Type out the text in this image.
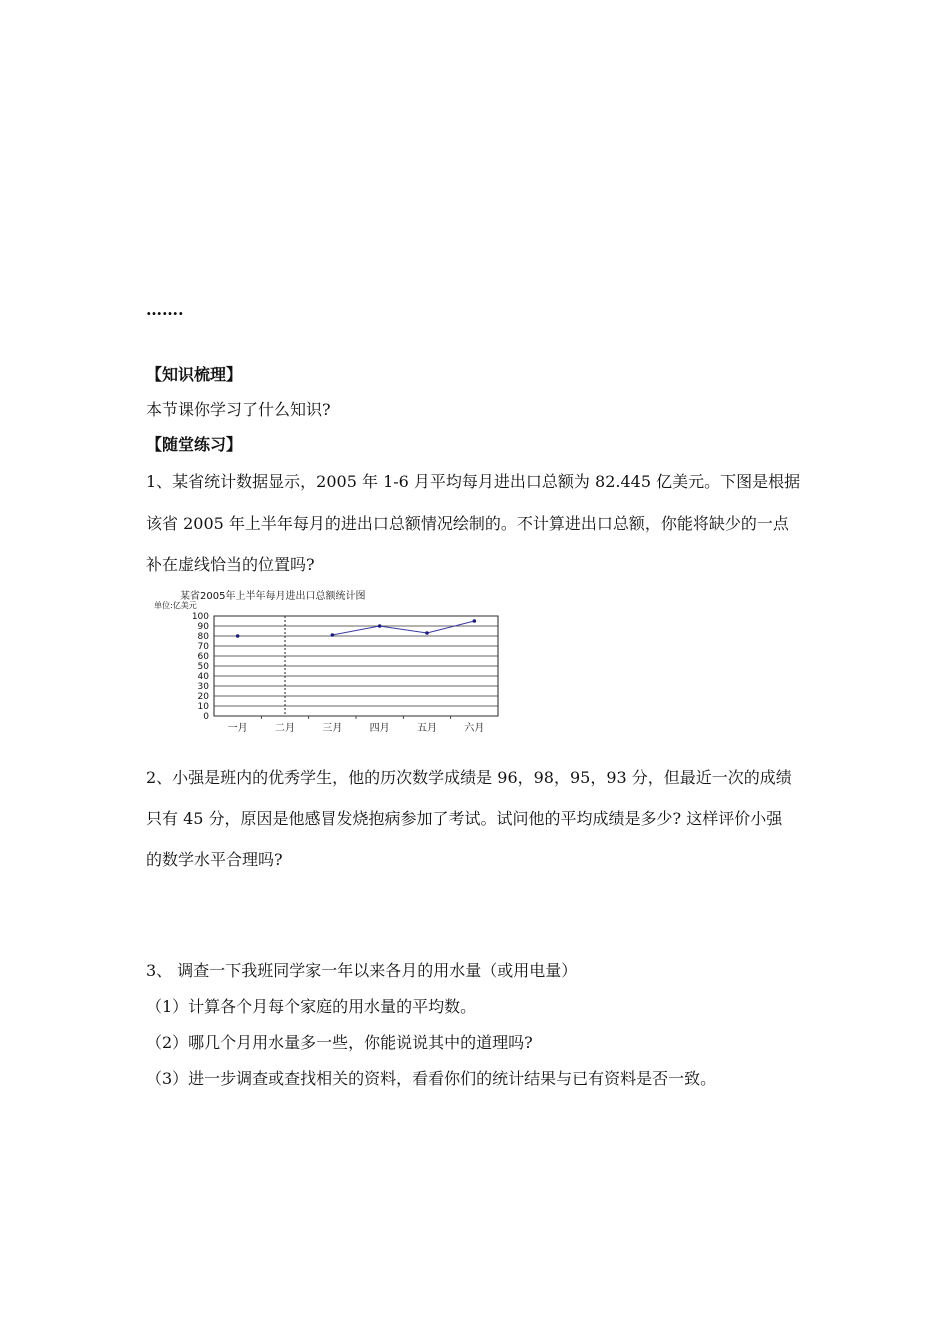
…….
【知识梳理】
本节课你学习了什么知识?
【随堂练习】
1、某省统计数据显示，2005 年 1-6 月平均每月进出口总额为 82.445 亿美元。下图是根据
该省 2005 年上半年每月的进出口总额情况绘制的。不计算进出口总额，你能将缺少的一点
补在虚线恰当的位置吗?
某省2005年上半年每月进出口总额统计图
单位:亿美元
0
10
20
30
40
50
60
70
80
90
100
一月	二月	三月	四月	五月	六月
2、小强是班内的优秀学生，他的历次数学成绩是 96，98，95，93 分，但最近一次的成绩
只有 45 分，原因是他感冒发烧抱病参加了考试。试问他的平均成绩是多少? 这样评价小强
的数学水平合理吗?
3、 调查一下我班同学家一年以来各月的用水量（或用电量）
（1）计算各个月每个家庭的用水量的平均数。
（2）哪几个月用水量多一些，你能说说其中的道理吗?
（3）进一步调查或查找相关的资料，看看你们的统计结果与已有资料是否一致。
